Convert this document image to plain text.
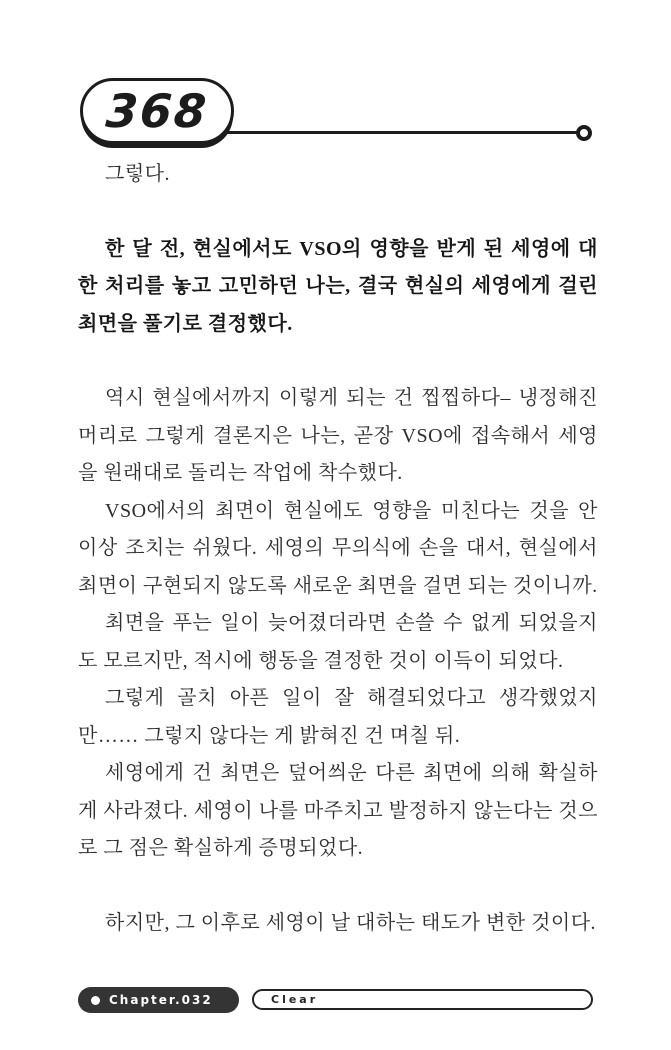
368

그렇다.

한 달 전, 현실에서도 VSO의 영향을 받게 된 세영에 대한 처리를 놓고 고민하던 나는, 결국 현실의 세영에게 걸린 최면을 풀기로 결정했다.

역시 현실에서까지 이렇게 되는 건 찝찝하다– 냉정해진 머리로 그렇게 결론지은 나는, 곧장 VSO에 접속해서 세영을 원래대로 돌리는 작업에 착수했다.

VSO에서의 최면이 현실에도 영향을 미친다는 것을 안 이상 조치는 쉬웠다. 세영의 무의식에 손을 대서, 현실에서 최면이 구현되지 않도록 새로운 최면을 걸면 되는 것이니까.

최면을 푸는 일이 늦어졌더라면 손쓸 수 없게 되었을지도 모르지만, 적시에 행동을 결정한 것이 이득이 되었다.

그렇게 골치 아픈 일이 잘 해결되었다고 생각했었지만…… 그렇지 않다는 게 밝혀진 건 며칠 뒤.

세영에게 건 최면은 덮어씌운 다른 최면에 의해 확실하게 사라졌다. 세영이 나를 마주치고 발정하지 않는다는 것으로 그 점은 확실하게 증명되었다.

하지만, 그 이후로 세영이 날 대하는 태도가 변한 것이다.

Chapter.032	Clear
